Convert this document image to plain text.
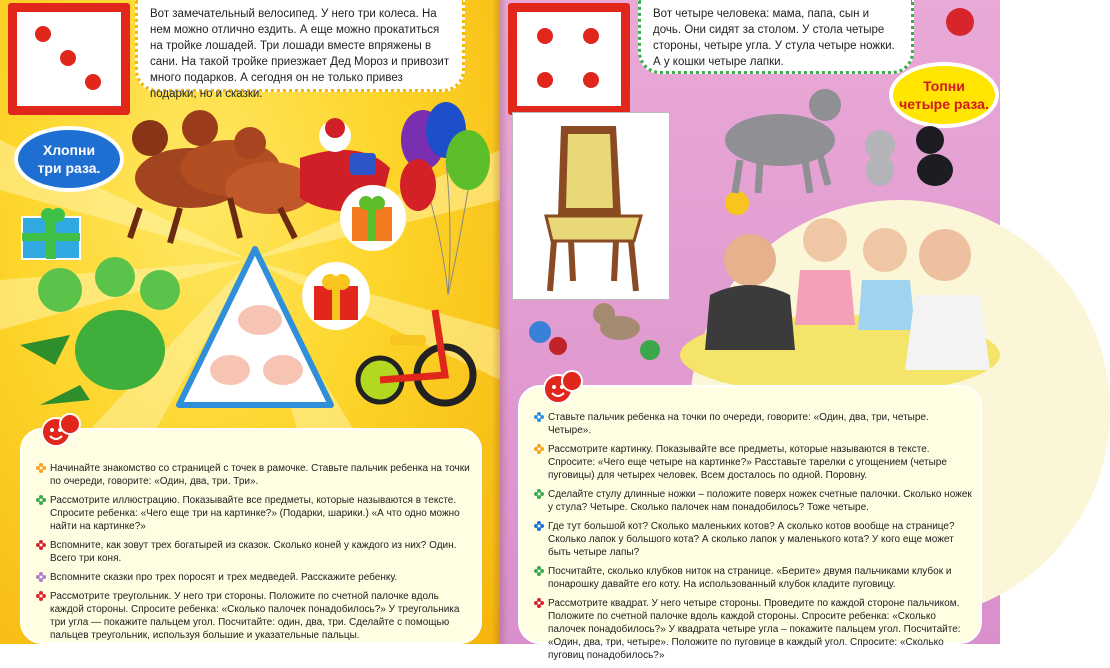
Вот замечательный велосипед. У него три колеса. На нем можно отлично ездить. А еще можно прокатиться на тройке лошадей. Три лошади вместе впряжены в сани. На такой тройке приезжает Дед Мороз и привозит много подарков. А сегодня он не только привез подарки, но и сказки.

Хлопни
три раза.
Начинайте знакомство со страницей с точек в рамочке. Ставьте пальчик ребенка на точки по очереди, говорите: «Один, два, три. Три».
Рассмотрите иллюстрацию. Показывайте все предметы, которые называются в тексте. Спросите ребенка: «Чего еще три на картинке?» (Подарки, шарики.) «А что одно можно найти на картинке?»
Вспомните, как зовут трех богатырей из сказок. Сколько коней у каждого из них? Один. Всего три коня.
Вспомните сказки про трех поросят и трех медведей. Расскажите ребенку.
Рассмотрите треугольник. У него три стороны. Положите по счетной палочке вдоль каждой стороны. Спросите ребенка: «Сколько палочек понадобилось?» У треугольника три угла — покажите пальцем угол. Посчитайте: один, два, три. Сделайте с помощью пальцев треугольник, используя большие и указательные пальцы.

Вот четыре человека: мама, папа, сын и дочь. Они сидят за столом. У стола четыре стороны, четыре угла. У стула четыре ножки. А у кошки четыре лапки.

Топни
четыре раза.
Ставьте пальчик ребенка на точки по очереди, говорите: «Один, два, три, четыре. Четыре».
Рассмотрите картинку. Показывайте все предметы, которые называются в тексте. Спросите: «Чего еще четыре на картинке?» Расставьте тарелки с угощением (четыре пуговицы) для четырех человек. Всем досталось по одной. Поровну.
Сделайте стулу длинные ножки – положите поверх ножек счетные палочки. Сколько ножек у стула? Четыре. Сколько палочек нам понадобилось? Тоже четыре.
Где тут большой кот? Сколько маленьких котов? А сколько котов вообще на странице? Сколько лапок у большого кота? А сколько лапок у маленького кота? У кого еще может быть четыре лапы?
Посчитайте, сколько клубков ниток на странице. «Берите» двумя пальчиками клубок и понарошку давайте его коту. На использованный клубок кладите пуговицу.
Рассмотрите квадрат. У него четыре стороны. Проведите по каждой стороне пальчиком. Положите по счетной палочке вдоль каждой стороны. Спросите ребенка: «Сколько палочек понадобилось?» У квадрата четыре угла – покажите пальцем угол. Посчитайте: «Один, два, три, четыре». Положите по пуговице в каждый угол. Спросите: «Сколько пуговиц понадобилось?»
